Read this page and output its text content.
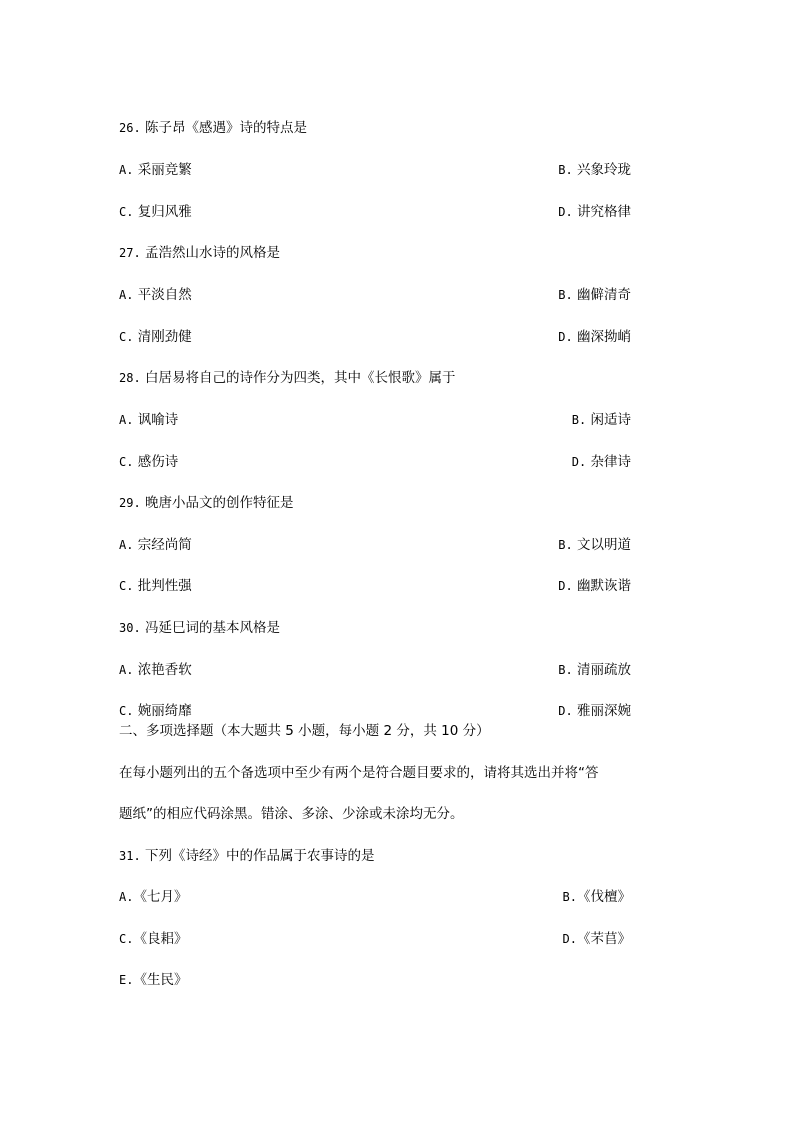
26. 陈子昂《感遇》诗的特点是
A. 采丽竞繁	B. 兴象玲珑
C. 复归风雅	D. 讲究格律
27. 孟浩然山水诗的风格是
A. 平淡自然	B. 幽僻清奇
C. 清刚劲健	D. 幽深拗峭
28. 白居易将自己的诗作分为四类，其中《长恨歌》属于
A. 讽喻诗	B. 闲适诗
C. 感伤诗	D. 杂律诗
29. 晚唐小品文的创作特征是
A. 宗经尚简	B. 文以明道
C. 批判性强	D. 幽默诙谐
30. 冯延巳词的基本风格是
A. 浓艳香软	B. 清丽疏放
C. 婉丽绮靡	D. 雅丽深婉
二、多项选择题（本大题共 5 小题，每小题 2 分，共 10 分）
在每小题列出的五个备选项中至少有两个是符合题目要求的，请将其选出并将“答
题纸”的相应代码涂黑。错涂、多涂、少涂或未涂均无分。
31. 下列《诗经》中的作品属于农事诗的是
A.《七月》	B.《伐檀》
C.《良耜》	D.《芣苢》
E.《生民》
